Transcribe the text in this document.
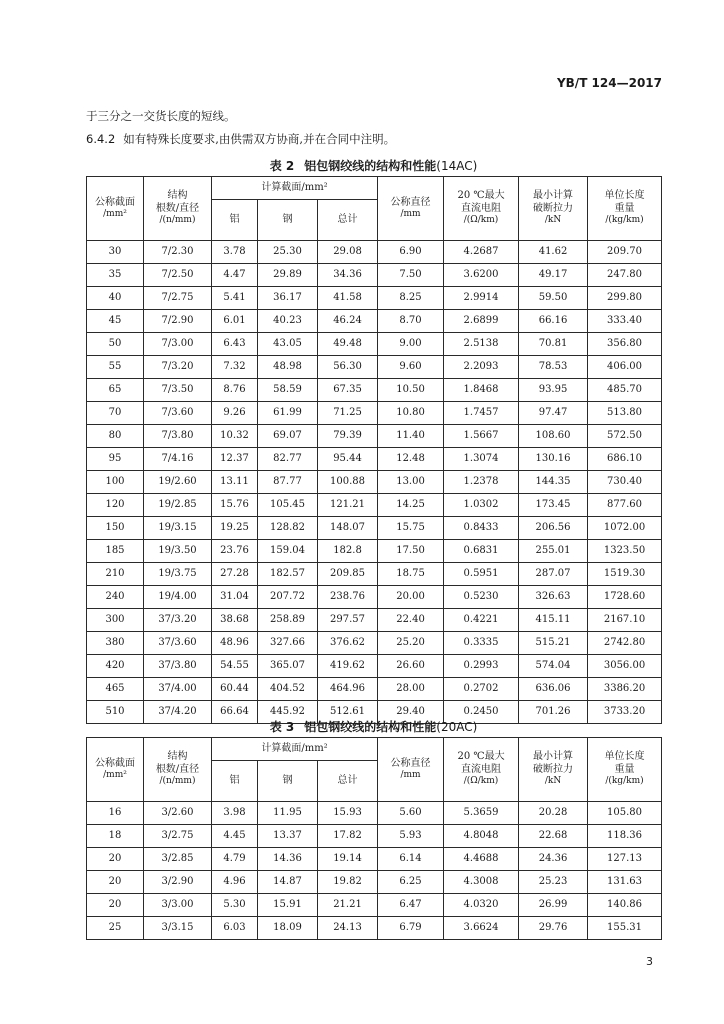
YB/T 124—2017
于三分之一交货长度的短线。
6.4.2 如有特殊长度要求,由供需双方协商,并在合同中注明。
表 2 铝包钢绞线的结构和性能(14AC)
公称截面
/mm²	结构
根数/直径
/(n/mm)	计算截面/mm²			公称直径
/mm	20 ℃最大
直流电阻
/(Ω/km)	最小计算
破断拉力
/kN	单位长度
重量
/(kg/km)

		铝	钢	总计				
30	7/2.30	3.78	25.30	29.08	6.90	4.2687	41.62	209.70
35	7/2.50	4.47	29.89	34.36	7.50	3.6200	49.17	247.80
40	7/2.75	5.41	36.17	41.58	8.25	2.9914	59.50	299.80
45	7/2.90	6.01	40.23	46.24	8.70	2.6899	66.16	333.40
50	7/3.00	6.43	43.05	49.48	9.00	2.5138	70.81	356.80
55	7/3.20	7.32	48.98	56.30	9.60	2.2093	78.53	406.00
65	7/3.50	8.76	58.59	67.35	10.50	1.8468	93.95	485.70
70	7/3.60	9.26	61.99	71.25	10.80	1.7457	97.47	513.80
80	7/3.80	10.32	69.07	79.39	11.40	1.5667	108.60	572.50
95	7/4.16	12.37	82.77	95.44	12.48	1.3074	130.16	686.10
100	19/2.60	13.11	87.77	100.88	13.00	1.2378	144.35	730.40
120	19/2.85	15.76	105.45	121.21	14.25	1.0302	173.45	877.60
150	19/3.15	19.25	128.82	148.07	15.75	0.8433	206.56	1072.00
185	19/3.50	23.76	159.04	182.8	17.50	0.6831	255.01	1323.50
210	19/3.75	27.28	182.57	209.85	18.75	0.5951	287.07	1519.30
240	19/4.00	31.04	207.72	238.76	20.00	0.5230	326.63	1728.60
300	37/3.20	38.68	258.89	297.57	22.40	0.4221	415.11	2167.10
380	37/3.60	48.96	327.66	376.62	25.20	0.3335	515.21	2742.80
420	37/3.80	54.55	365.07	419.62	26.60	0.2993	574.04	3056.00
465	37/4.00	60.44	404.52	464.96	28.00	0.2702	636.06	3386.20
510	37/4.20	66.64	445.92	512.61	29.40	0.2450	701.26	3733.20
表 3 铝包钢绞线的结构和性能(20AC)
公称截面
/mm²	结构
根数/直径
/(n/mm)	计算截面/mm²			公称直径
/mm	20 ℃最大
直流电阻
/(Ω/km)	最小计算
破断拉力
/kN	单位长度
重量
/(kg/km)

		铝	钢	总计				
16	3/2.60	3.98	11.95	15.93	5.60	5.3659	20.28	105.80
18	3/2.75	4.45	13.37	17.82	5.93	4.8048	22.68	118.36
20	3/2.85	4.79	14.36	19.14	6.14	4.4688	24.36	127.13
20	3/2.90	4.96	14.87	19.82	6.25	4.3008	25.23	131.63
20	3/3.00	5.30	15.91	21.21	6.47	4.0320	26.99	140.86
25	3/3.15	6.03	18.09	24.13	6.79	3.6624	29.76	155.31
3
